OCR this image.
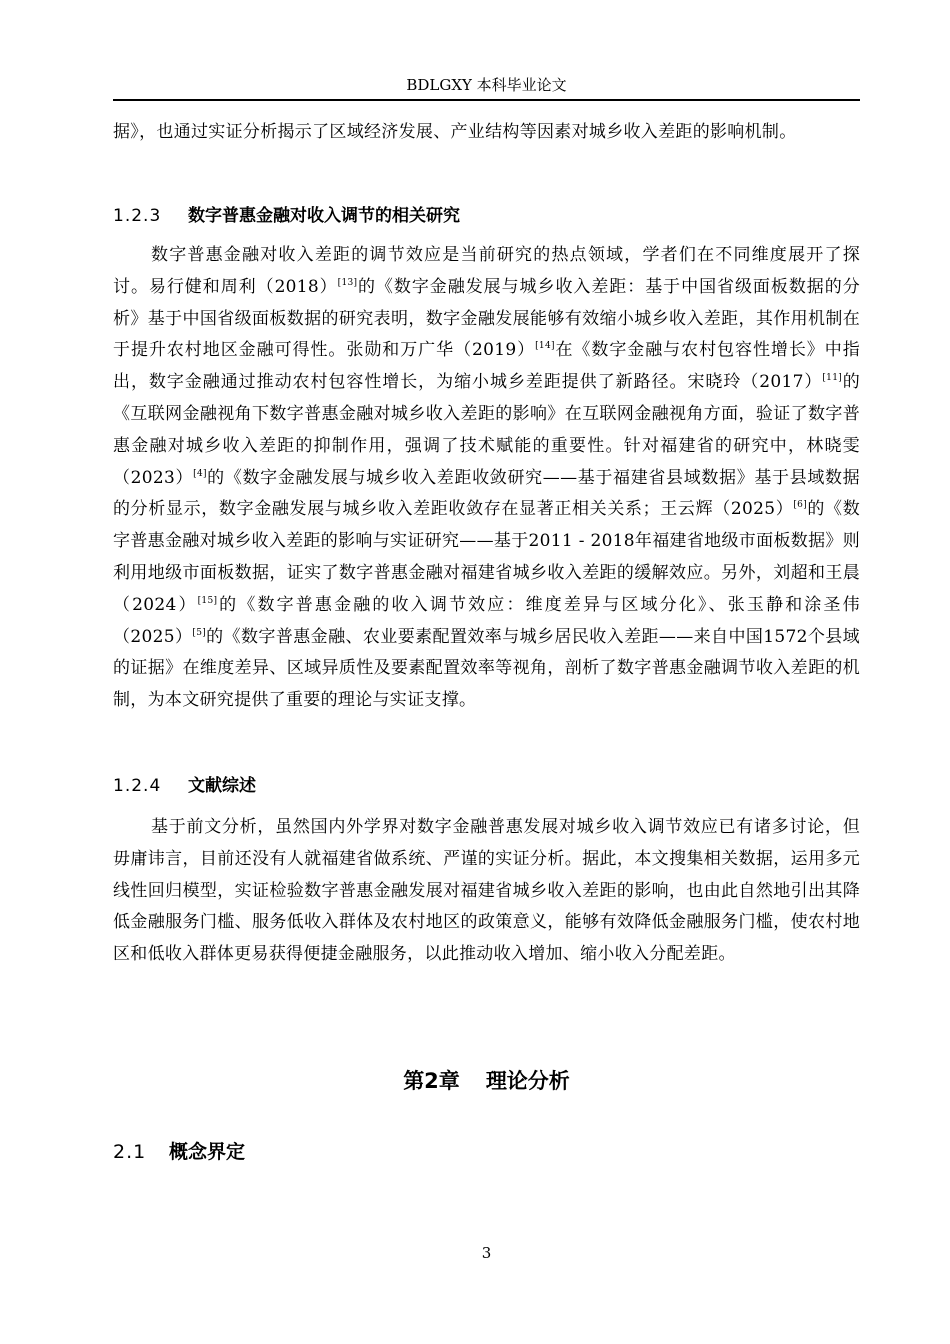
BDLGXY 本科毕业论文
据》，也通过实证分析揭示了区域经济发展、产业结构等因素对城乡收入差距的影响机制。
1.2.3 数字普惠金融对收入调节的相关研究
数字普惠金融对收入差距的调节效应是当前研究的热点领域，学者们在不同维度展开了探讨。易行健和周利（2018）[13]的《数字金融发展与城乡收入差距：基于中国省级面板数据的分析》基于中国省级面板数据的研究表明，数字金融发展能够有效缩小城乡收入差距，其作用机制在于提升农村地区金融可得性。张勋和万广华（2019）[14]在《数字金融与农村包容性增长》中指出，数字金融通过推动农村包容性增长，为缩小城乡差距提供了新路径。宋晓玲（2017）[11]的《互联网金融视角下数字普惠金融对城乡收入差距的影响》在互联网金融视角方面，验证了数字普惠金融对城乡收入差距的抑制作用，强调了技术赋能的重要性。针对福建省的研究中，林晓雯（2023）[4]的《数字金融发展与城乡收入差距收敛研究——基于福建省县域数据》基于县域数据的分析显示，数字金融发展与城乡收入差距收敛存在显著正相关关系；王云辉（2025）[6]的《数字普惠金融对城乡收入差距的影响与实证研究——基于2011 - 2018年福建省地级市面板数据》则利用地级市面板数据，证实了数字普惠金融对福建省城乡收入差距的缓解效应。另外，刘超和王晨（2024）[15]的《数字普惠金融的收入调节效应：维度差异与区域分化》、张玉静和涂圣伟（2025）[5]的《数字普惠金融、农业要素配置效率与城乡居民收入差距——来自中国1572个县域的证据》在维度差异、区域异质性及要素配置效率等视角，剖析了数字普惠金融调节收入差距的机制，为本文研究提供了重要的理论与实证支撑。
1.2.4 文献综述
基于前文分析，虽然国内外学界对数字金融普惠发展对城乡收入调节效应已有诸多讨论，但毋庸讳言，目前还没有人就福建省做系统、严谨的实证分析。据此，本文搜集相关数据，运用多元线性回归模型，实证检验数字普惠金融发展对福建省城乡收入差距的影响，也由此自然地引出其降低金融服务门槛、服务低收入群体及农村地区的政策意义，能够有效降低金融服务门槛，使农村地区和低收入群体更易获得便捷金融服务，以此推动收入增加、缩小收入分配差距。
第2章 理论分析
2.1 概念界定
3
